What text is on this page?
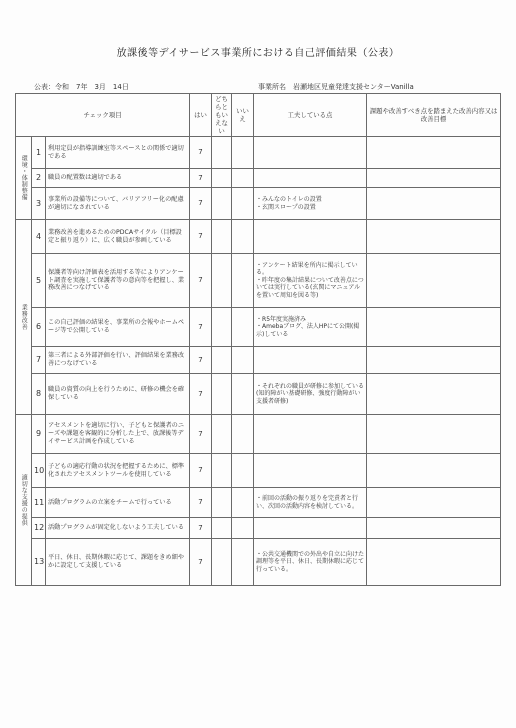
放課後等デイサービス事業所における自己評価結果（公表）
公表：令和　7年　3月　14日	事業所名　岩瀬地区児童発達支援センターVanilla
チェック項目			はい	どちらともいえない	いいえ	工夫している点	課題や改善すべき点を踏まえた改善内容又は改善目標
環境・体制整備	1	利用定員が指導訓練室等スペースとの関係で適切である	7				
	2	職員の配置数は適切である	7				
	3	事業所の設備等について、バリアフリー化の配慮が適切になされている	7			・みんなのトイレの設置
・玄関スロープの設置	
業務改善	4	業務改善を進めるためのPDCAサイクル（目標設定と振り返り）に、広く職員が参画している	7				
	5	保護者等向け評価表を活用する等によりアンケート調査を実施して保護者等の意向等を把握し、業務改善につなげている	7			・アンケート結果を所内に掲示している。
・昨年度の集計結果について改善点については実行している(玄関にマニュアルを置いて周知を図る等)	
	6	この自己評価の結果を、事業所の会報やホームページ等で公開している	7			・R5年度実施済み
・Amebaブログ、法人HPにて公開(掲示)している	
	7	第三者による外部評価を行い、評価結果を業務改善につなげている	7				
	8	職員の資質の向上を行うために、研修の機会を確保している	7			・それぞれの職員が研修に参加している(知的障がい基礎研修、強度行動障がい支援者研修)	
適切な支援の提供	9	アセスメントを適切に行い、子どもと保護者のニーズや課題を客観的に分析した上で、放課後等デイサービス計画を作成している	7				
	10	子どもの適応行動の状況を把握するために、標準化されたアセスメントツールを使用している	7				
	11	活動プログラムの立案をチームで行っている	7			・前回の活動の振り返りを完責者と行い、次回の活動内容を検討している。	
	12	活動プログラムが固定化しないよう工夫している	7				
	13	平日、休日、長期休暇に応じて、課題をきめ細やかに設定して支援している	7			・公共交通機関での外出や自立に向けた調理等を平日、休日、長期休暇に応じて行っている。	
